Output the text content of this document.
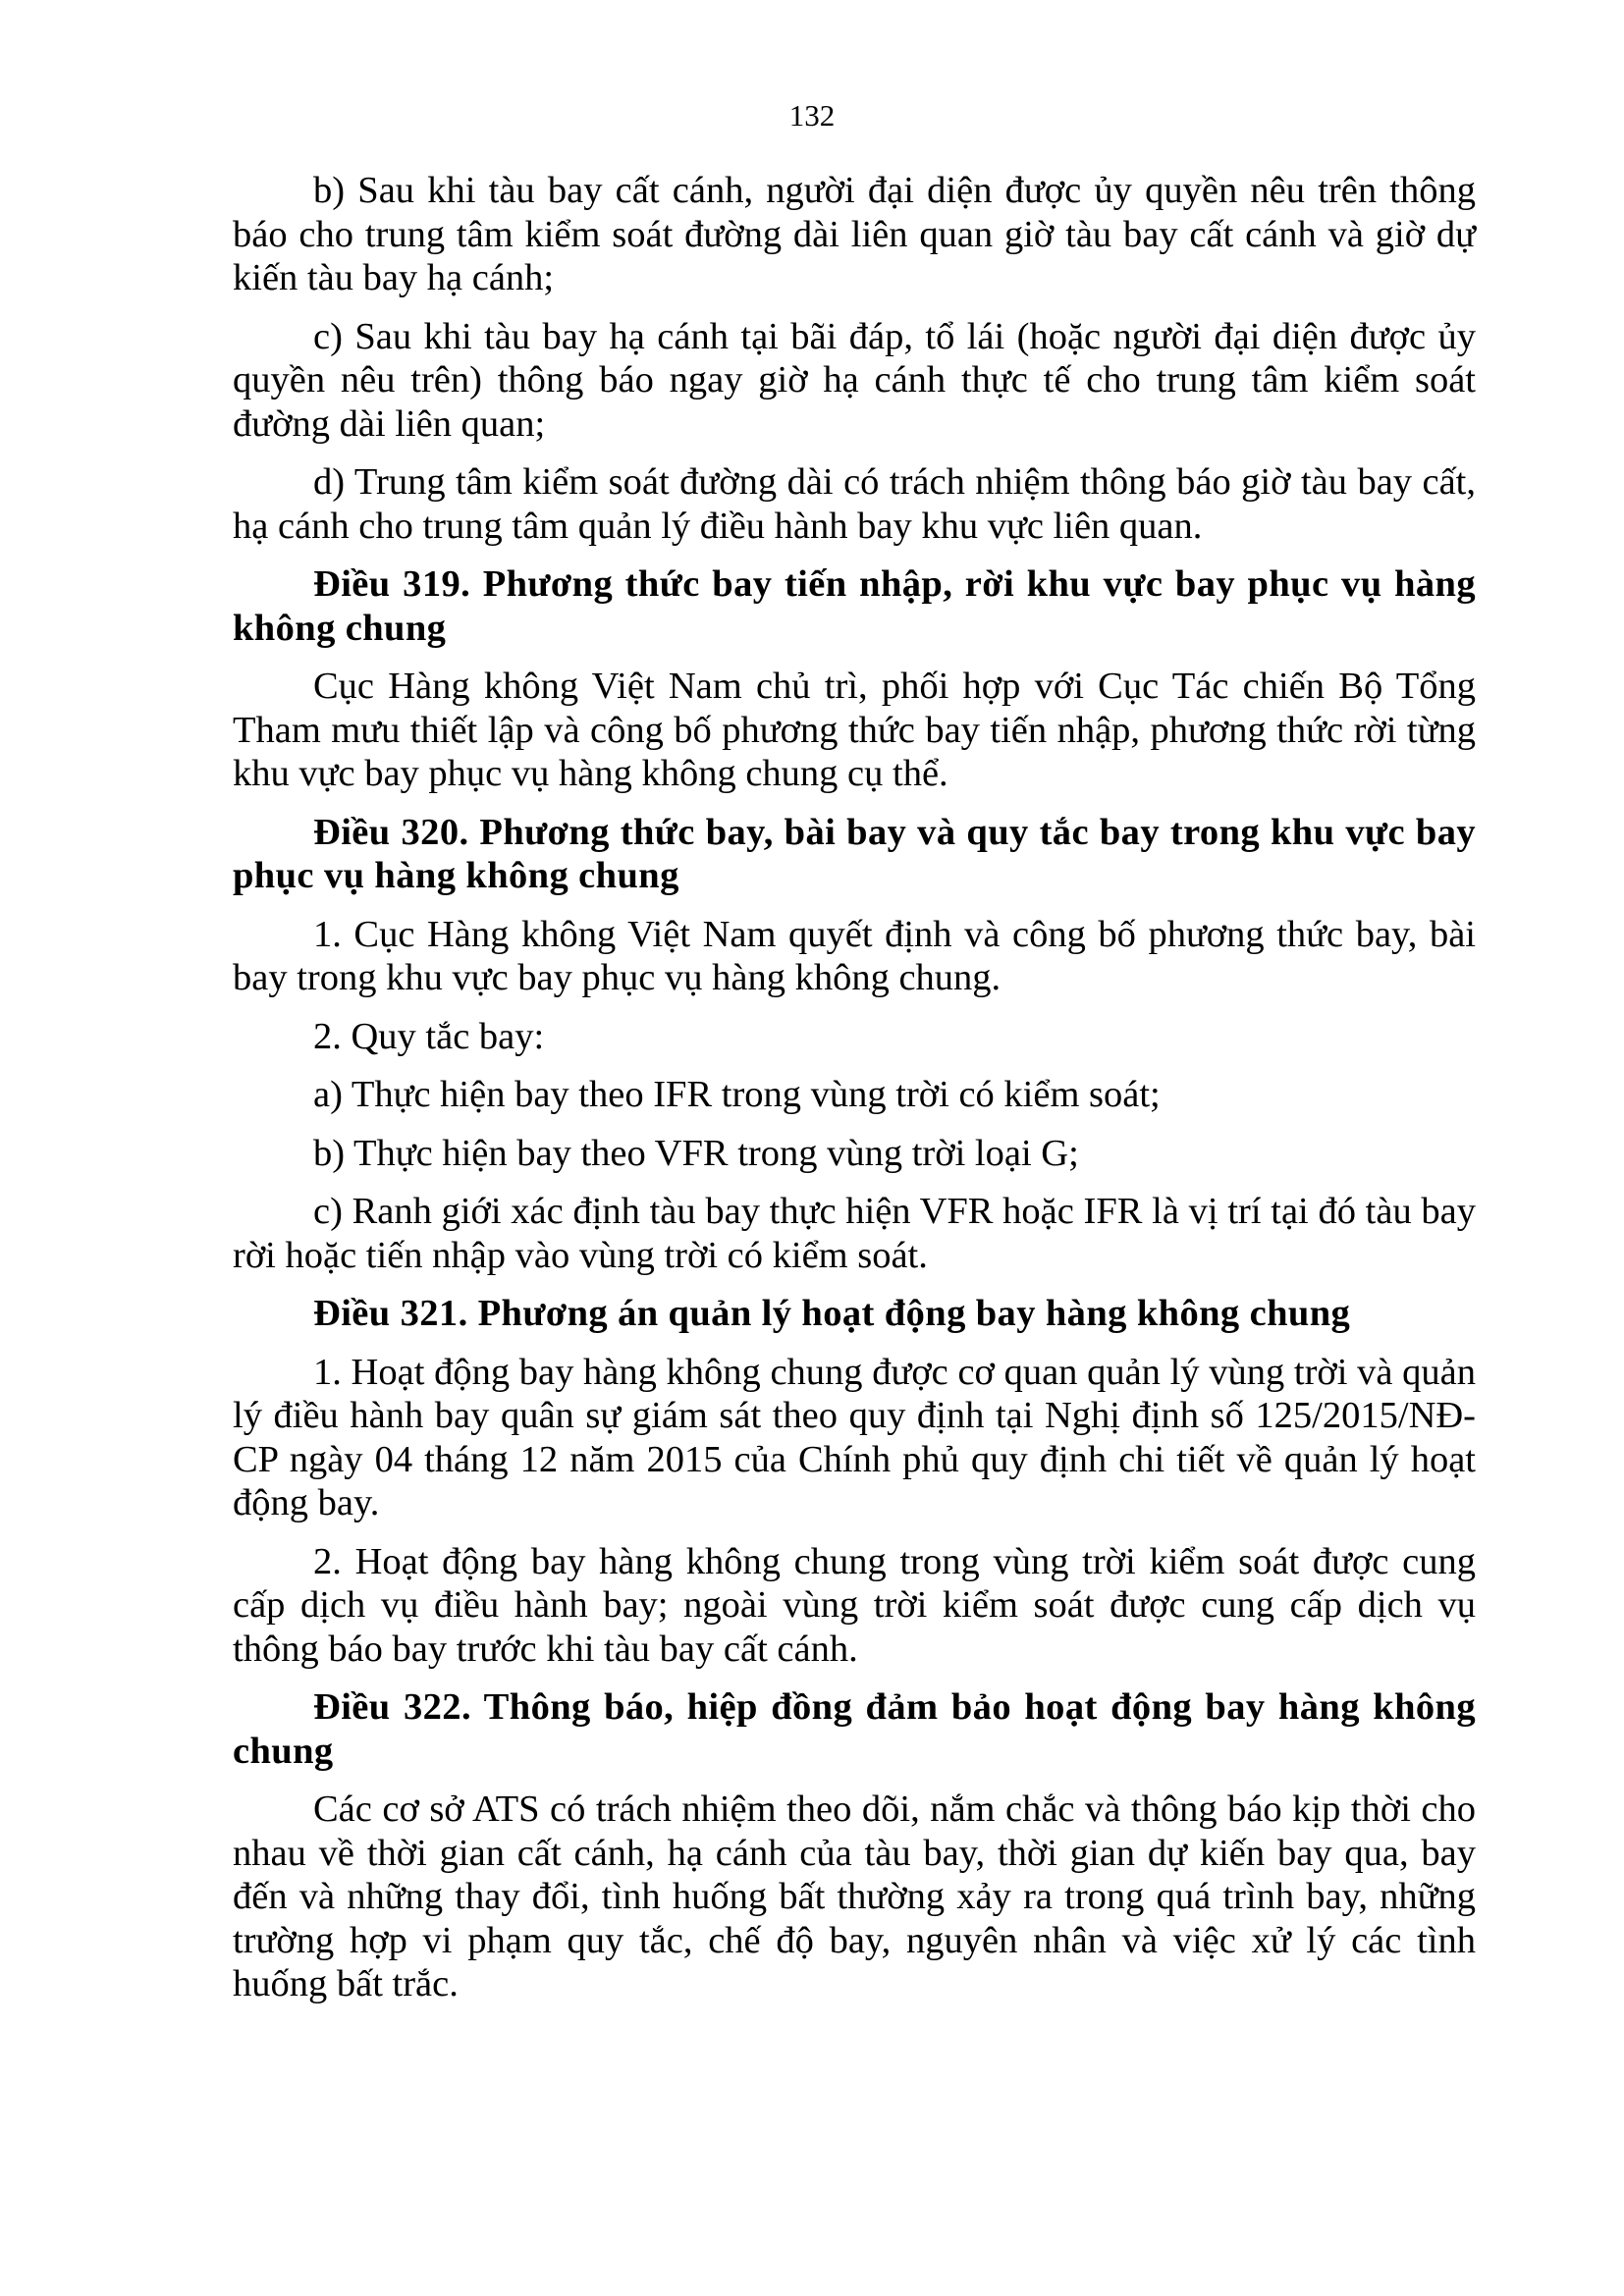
132

b) Sau khi tàu bay cất cánh, người đại diện được ủy quyền nêu trên thông báo cho trung tâm kiểm soát đường dài liên quan giờ tàu bay cất cánh và giờ dự kiến tàu bay hạ cánh;

c) Sau khi tàu bay hạ cánh tại bãi đáp, tổ lái (hoặc người đại diện được ủy quyền nêu trên) thông báo ngay giờ hạ cánh thực tế cho trung tâm kiểm soát đường dài liên quan;

d) Trung tâm kiểm soát đường dài có trách nhiệm thông báo giờ tàu bay cất, hạ cánh cho trung tâm quản lý điều hành bay khu vực liên quan.

Điều 319. Phương thức bay tiến nhập, rời khu vực bay phục vụ hàng không chung

Cục Hàng không Việt Nam chủ trì, phối hợp với Cục Tác chiến Bộ Tổng Tham mưu thiết lập và công bố phương thức bay tiến nhập, phương thức rời từng khu vực bay phục vụ hàng không chung cụ thể.

Điều 320. Phương thức bay, bài bay và quy tắc bay trong khu vực bay phục vụ hàng không chung

1. Cục Hàng không Việt Nam quyết định và công bố phương thức bay, bài bay trong khu vực bay phục vụ hàng không chung.

2. Quy tắc bay:

a) Thực hiện bay theo IFR trong vùng trời có kiểm soát;

b) Thực hiện bay theo VFR trong vùng trời loại G;

c) Ranh giới xác định tàu bay thực hiện VFR hoặc IFR là vị trí tại đó tàu bay rời hoặc tiến nhập vào vùng trời có kiểm soát.

Điều 321. Phương án quản lý hoạt động bay hàng không chung

1. Hoạt động bay hàng không chung được cơ quan quản lý vùng trời và quản lý điều hành bay quân sự giám sát theo quy định tại Nghị định số 125/2015/NĐ-CP ngày 04 tháng 12 năm 2015 của Chính phủ quy định chi tiết về quản lý hoạt động bay.

2. Hoạt động bay hàng không chung trong vùng trời kiểm soát được cung cấp dịch vụ điều hành bay; ngoài vùng trời kiểm soát được cung cấp dịch vụ thông báo bay trước khi tàu bay cất cánh.

Điều 322. Thông báo, hiệp đồng đảm bảo hoạt động bay hàng không chung

Các cơ sở ATS có trách nhiệm theo dõi, nắm chắc và thông báo kịp thời cho nhau về thời gian cất cánh, hạ cánh của tàu bay, thời gian dự kiến bay qua, bay đến và những thay đổi, tình huống bất thường xảy ra trong quá trình bay, những trường hợp vi phạm quy tắc, chế độ bay, nguyên nhân và việc xử lý các tình huống bất trắc.
